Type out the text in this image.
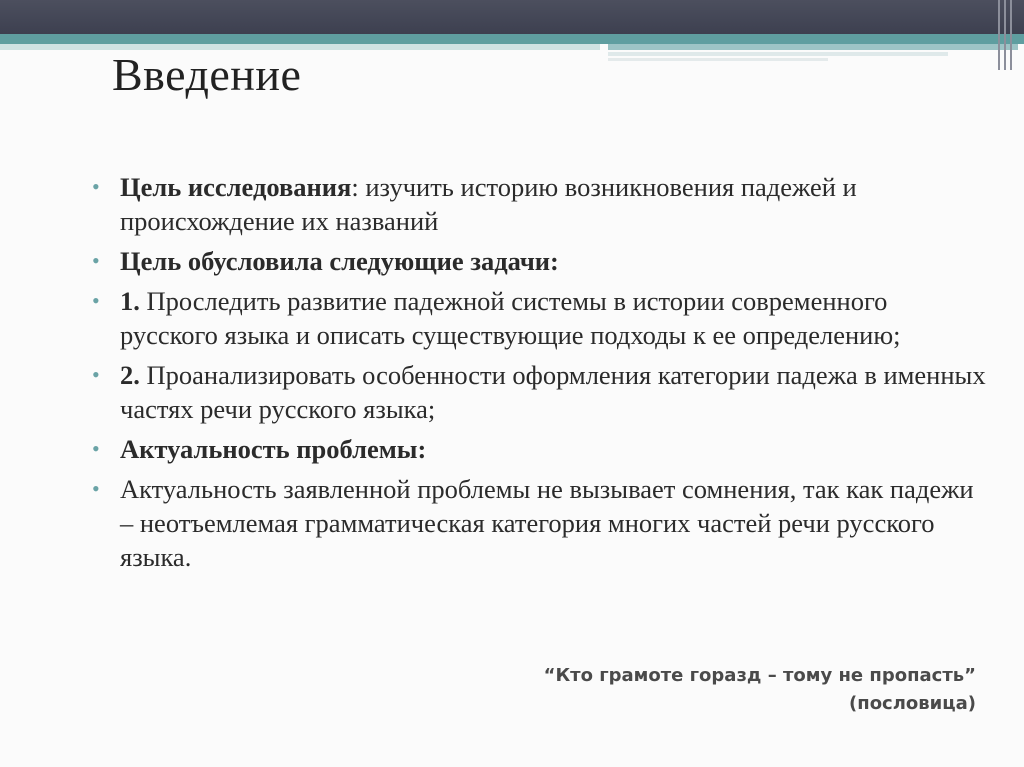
Введение
• Цель исследования: изучить историю возникновения падежей и происхождение их названий
• Цель обусловила следующие задачи:
• 1. Проследить развитие падежной системы в истории современного русского языка и описать существующие подходы к ее определению;
• 2. Проанализировать особенности оформления категории падежа в именных частях речи русского языка;
• Актуальность проблемы:
• Актуальность заявленной проблемы не вызывает сомнения, так как падежи – неотъемлемая грамматическая категория многих частей речи русского языка.
“Кто грамоте горазд – тому не пропасть”
(пословица)
